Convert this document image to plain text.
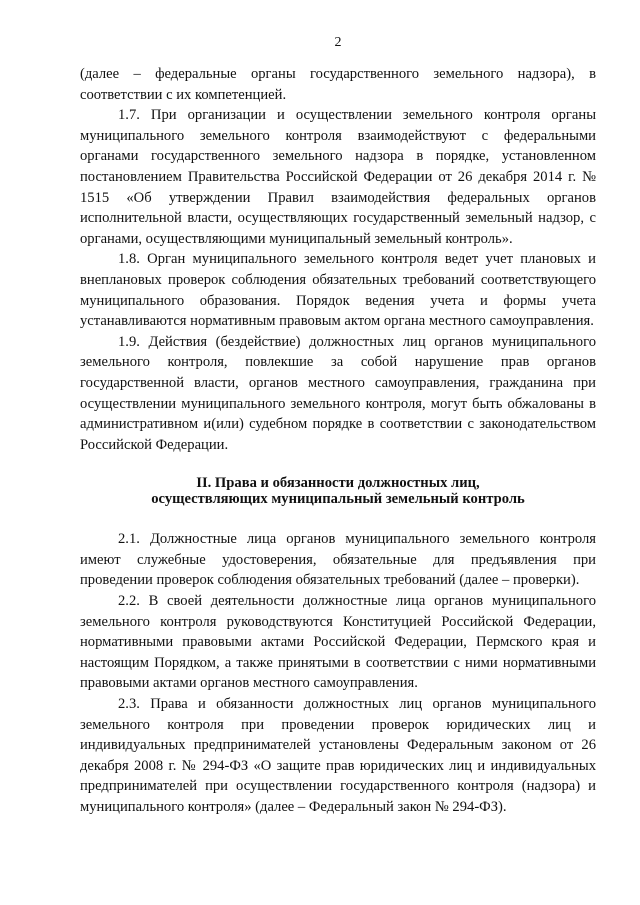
2

(далее – федеральные органы государственного земельного надзора), в соответствии с их компетенцией.

1.7. При организации и осуществлении земельного контроля органы муниципального земельного контроля взаимодействуют с федеральными органами государственного земельного надзора в порядке, установленном постановлением Правительства Российской Федерации от 26 декабря 2014 г. № 1515 «Об утверждении Правил взаимодействия федеральных органов исполнительной власти, осуществляющих государственный земельный надзор, с органами, осуществляющими муниципальный земельный контроль».

1.8. Орган муниципального земельного контроля ведет учет плановых и внеплановых проверок соблюдения обязательных требований соответствующего муниципального образования. Порядок ведения учета и формы учета устанавливаются нормативным правовым актом органа местного самоуправления.

1.9. Действия (бездействие) должностных лиц органов муниципального земельного контроля, повлекшие за собой нарушение прав органов государственной власти, органов местного самоуправления, гражданина при осуществлении муниципального земельного контроля, могут быть обжалованы в административном и(или) судебном порядке в соответствии с законодательством Российской Федерации.

II. Права и обязанности должностных лиц,
осуществляющих муниципальный земельный контроль

2.1. Должностные лица органов муниципального земельного контроля имеют служебные удостоверения, обязательные для предъявления при проведении проверок соблюдения обязательных требований (далее – проверки).

2.2. В своей деятельности должностные лица органов муниципального земельного контроля руководствуются Конституцией Российской Федерации, нормативными правовыми актами Российской Федерации, Пермского края и настоящим Порядком, а также принятыми в соответствии с ними нормативными правовыми актами органов местного самоуправления.

2.3. Права и обязанности должностных лиц органов муниципального земельного контроля при проведении проверок юридических лиц и индивидуальных предпринимателей установлены Федеральным законом от 26 декабря 2008 г. № 294-ФЗ «О защите прав юридических лиц и индивидуальных предпринимателей при осуществлении государственного контроля (надзора) и муниципального контроля» (далее – Федеральный закон № 294-ФЗ).
